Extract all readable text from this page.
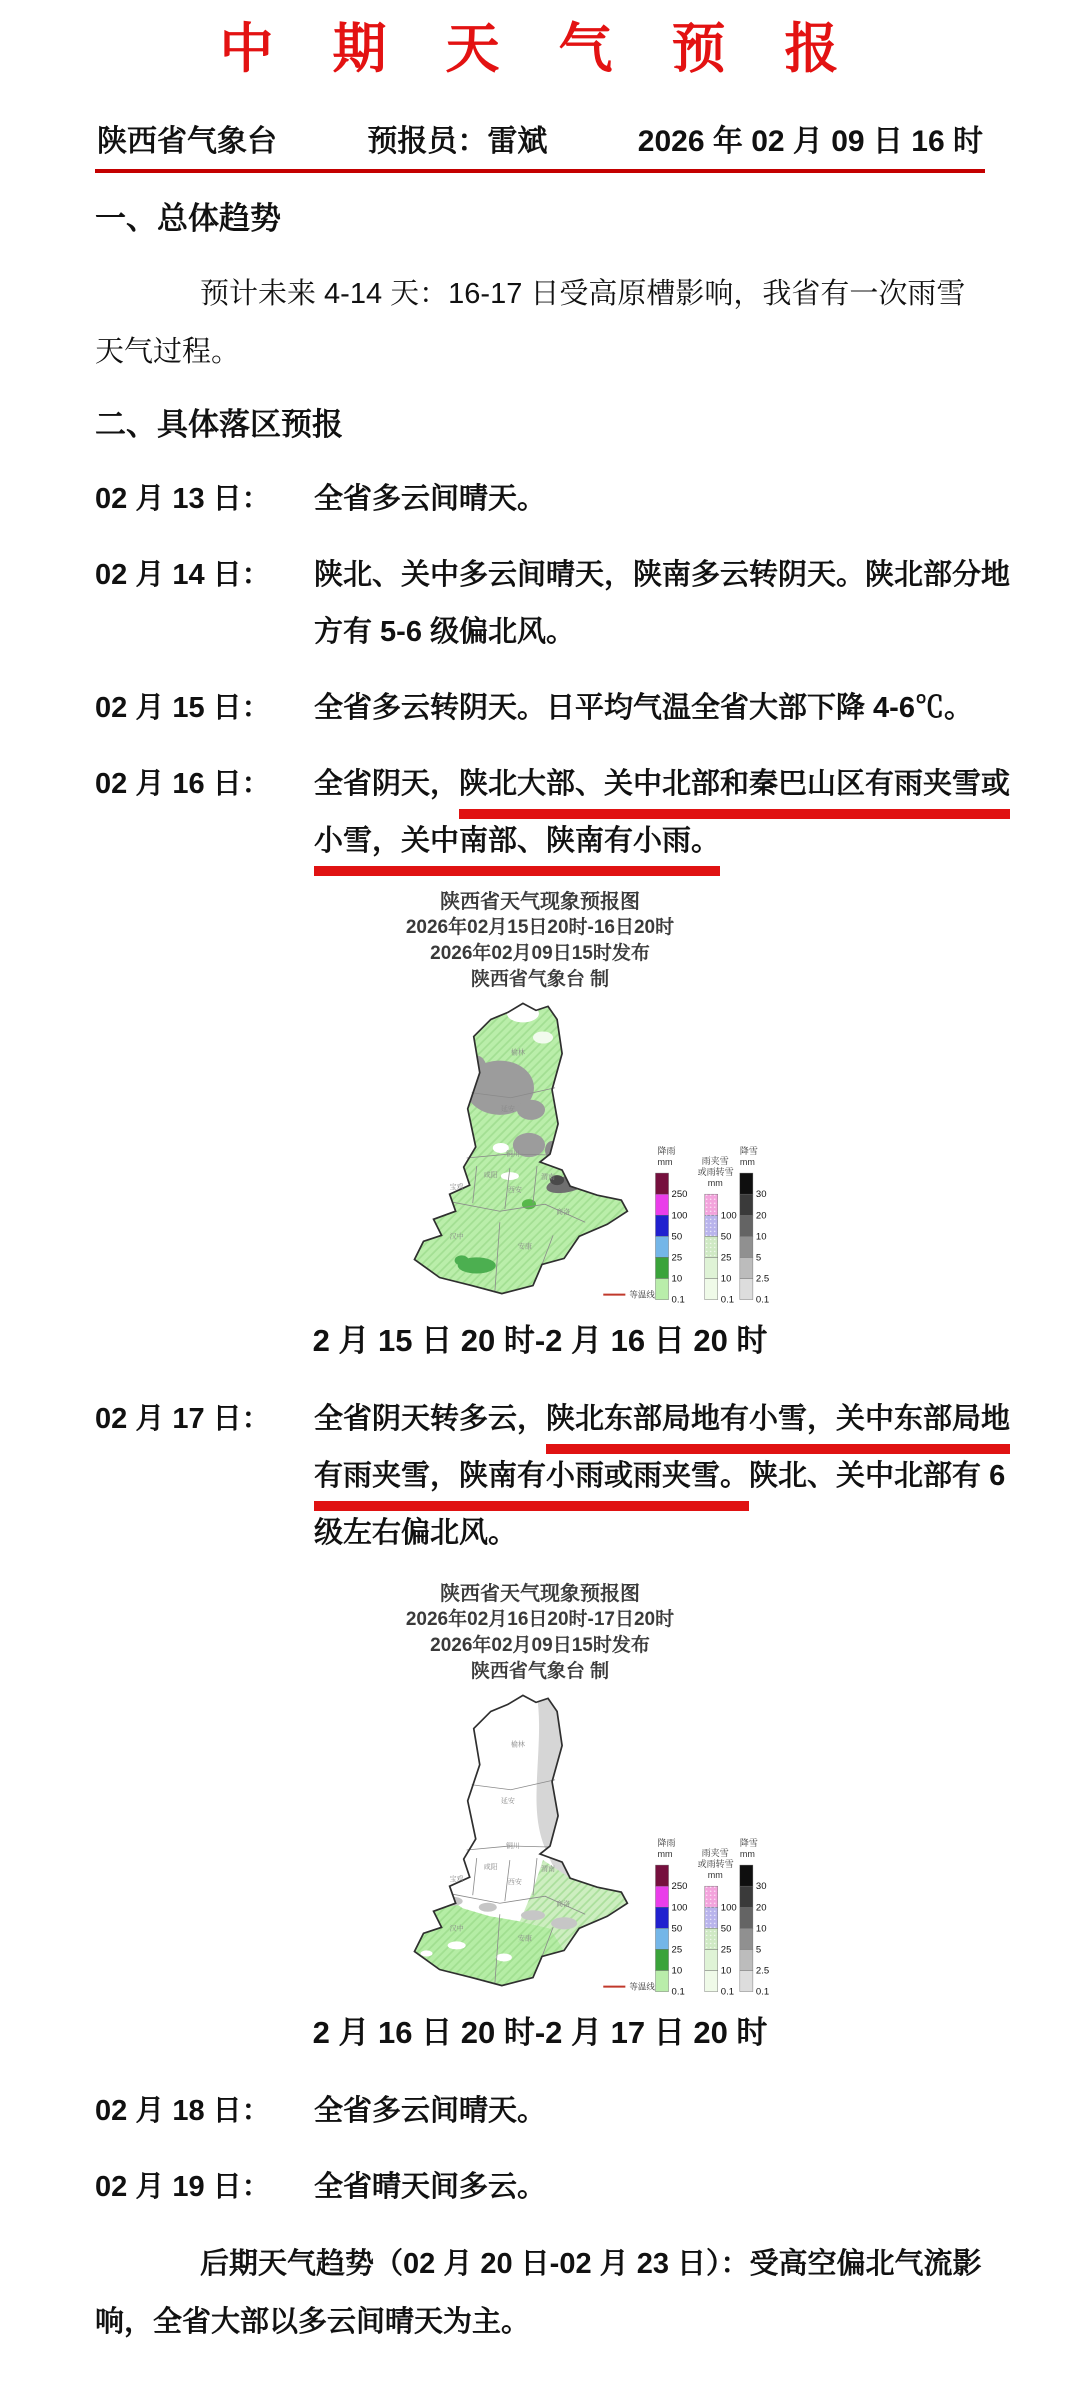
中 期 天 气 预 报
陕西省气象台	预报员：雷斌	2026 年 02 月 09 日 16 时
一、总体趋势

预计未来 4-14 天：16-17 日受高原槽影响，我省有一次雨雪天气过程。

二、具体落区预报
02 月 13 日：	全省多云间晴天。
02 月 14 日：	陕北、关中多云间晴天，陕南多云转阴天。陕北部分地
方有 5-6 级偏北风。
02 月 15 日：	全省多云转阴天。日平均气温全省大部下降 4-6℃。
02 月 16 日：	全省阴天，陕北大部、关中北部和秦巴山区有雨夹雪或
小雪，关中南部、陕南有小雨。
陕西省天气现象预报图
2026年02月15日20时-16日20时
2026年02月09日15时发布
陕西省气象台 制
榆林
延安
铜川
咸阳	渭南
西安
宝鸡
商洛
汉中
安康
降雨
mm
250
100
50
25
10
0.1
雨夹雪
或雨转雪
mm
100
50
25
10
0.1
降雪
mm
30
20
10
5
2.5
0.1
等温线
2 月 15 日 20 时-2 月 16 日 20 时
02 月 17 日：	全省阴天转多云，陕北东部局地有小雪，关中东部局地
有雨夹雪，陕南有小雨或雨夹雪。陕北、关中北部有 6
级左右偏北风。
陕西省天气现象预报图
2026年02月16日20时-17日20时
2026年02月09日15时发布
陕西省气象台 制
榆林
延安
铜川
咸阳	渭南
西安
宝鸡
商洛
汉中
安康
降雨
mm
250
100
50
25
10
0.1
雨夹雪
或雨转雪
mm
100
50
25
10
0.1
降雪
mm
30
20
10
5
2.5
0.1
等温线
2 月 16 日 20 时-2 月 17 日 20 时
02 月 18 日：	全省多云间晴天。
02 月 19 日：	全省晴天间多云。

后期天气趋势（02 月 20 日-02 月 23 日）：受高空偏北气流影响，全省大部以多云间晴天为主。
